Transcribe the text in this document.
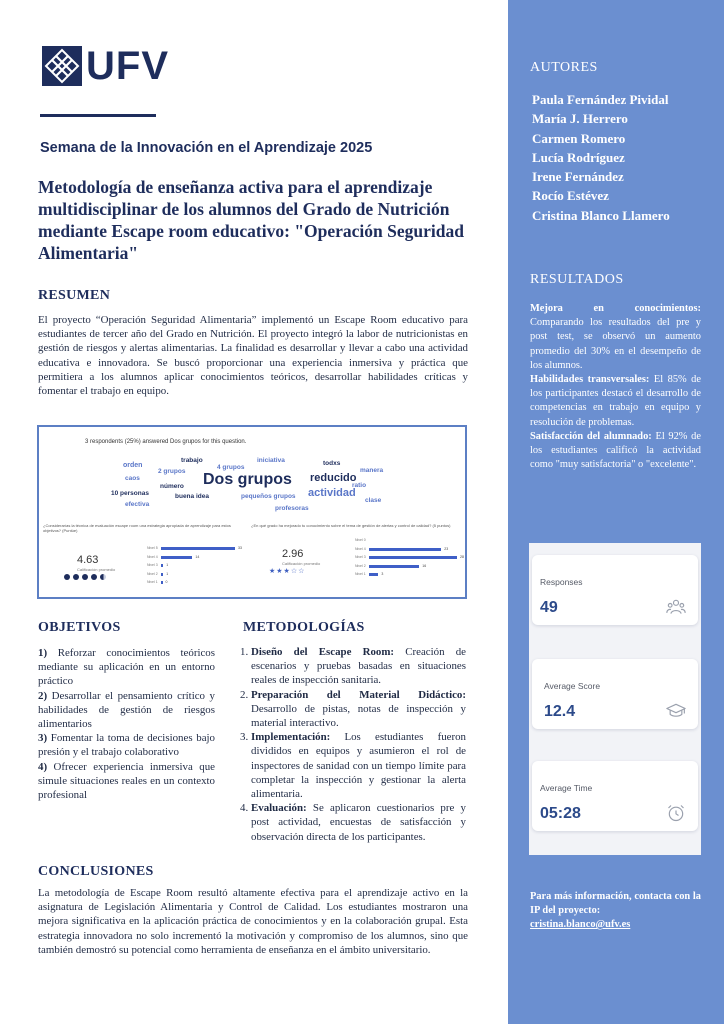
UFV
Semana de la Innovación en el Aprendizaje 2025
Metodología de enseñanza activa para el aprendizaje multidisciplinar de los alumnos del Grado de Nutrición mediante Escape room educativo: "Operación Seguridad Alimentaria"
RESUMEN
El proyecto “Operación Seguridad Alimentaria” implementó un Escape Room educativo para estudiantes de tercer año del Grado en Nutrición. El proyecto integró la labor de nutricionistas en gestión de riesgos y alertas alimentarias. La finalidad es desarrollar y llevar a cabo una actividad educativa e innovadora. Se buscó proporcionar una experiencia inmersiva y práctica que permitiera a los alumnos aplicar conocimientos teóricos, desarrollar habilidades críticas y fomentar el trabajo en equipo.
3 respondents (25%) answered Dos grupos for this question.
orden
trabajo
4 grupos
iniciativa	todxs
caos
2 grupos Dos grupos reducido
manera
número	ratio
10 personas	buena idea	actividad
clase
efectiva
pequeños grupos
profesoras
¿Considerarías la técnica de evaluación escape room una estrategia apropiada de aprendizaje para estos objetivos? (Puntúe)
¿En qué grado ha mejorado tu conocimiento sobre el tema de gestión de alertas y control de calidad? (5 puntos)
4.63
Calificación promedio
Nivel 5	33
Nivel 4	14
Nivel 3 1
Nivel 2 1
Nivel 1 0
2.96
Calificación promedio
★★★☆☆
Nivel 0
Nivel 4	23
Nivel 3	28
Nivel 2	16
Nivel 1	3
OBJETIVOS
1) Reforzar conocimientos teóricos mediante su aplicación en un entorno práctico
2) Desarrollar el pensamiento crítico y habilidades de gestión de riesgos alimentarios
3) Fomentar la toma de decisiones bajo presión y el trabajo colaborativo
4) Ofrecer experiencia inmersiva que simule situaciones reales en un contexto profesional
METODOLOGÍAS
1. Diseño del Escape Room: Creación de escenarios y pruebas basadas en situaciones reales de inspección sanitaria.
2. Preparación del Material Didáctico: Desarrollo de pistas, notas de inspección y material interactivo.
3. Implementación: Los estudiantes fueron divididos en equipos y asumieron el rol de inspectores de sanidad con un tiempo límite para completar la inspección y gestionar la alerta alimentaria.
4. Evaluación: Se aplicaron cuestionarios pre y post actividad, encuestas de satisfacción y observación directa de los participantes.
CONCLUSIONES
La metodología de Escape Room resultó altamente efectiva para el aprendizaje activo en la asignatura de Legislación Alimentaria y Control de Calidad. Los estudiantes mostraron una mejora significativa en la aplicación práctica de conocimientos y en la colaboración grupal. Esta estrategia innovadora no solo incrementó la motivación y compromiso de los alumnos, sino que también demostró su potencial como herramienta de enseñanza en el ámbito universitario.
AUTORES
Paula Fernández Pividal
María J. Herrero
Carmen Romero
Lucía Rodríguez
Irene Fernández
Rocío Estévez
Cristina Blanco Llamero
RESULTADOS
Mejora en conocimientos: Comparando los resultados del pre y post test, se observó un aumento promedio del 30% en el desempeño de los alumnos.
Habilidades transversales: El 85% de los participantes destacó el desarrollo de competencias en trabajo en equipo y resolución de problemas.
Satisfacción del alumnado: El 92% de los estudiantes calificó la actividad como "muy satisfactoria" o "excelente".
Responses
49
Average Score
12.4
Average Time
05:28
Para más información, contacta con la IP del proyecto:
cristina.blanco@ufv.es
